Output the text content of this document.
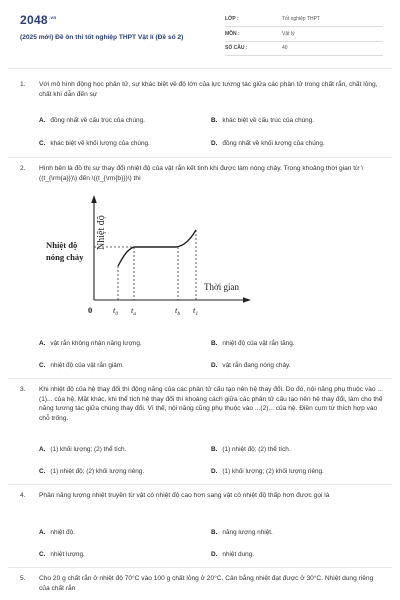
$2048^{.vn}$
(2025 mới) Đề ôn thi tốt nghiệp THPT Vật lí (Đề số 2)
LỚP :	Tốt nghiệp THPT
MÔN :	Vật lý
SỐ CÂU :	40
1. Với mô hình động học phân tử, sự khác biệt về độ lớn của lực tương tác giữa các phân tử trong chất rắn, chất lỏng, chất khí dẫn đến sự
A. đồng nhất về cấu trúc của chúng.	B. khác biệt về cấu trúc của chúng.
C. khác biệt về khối lượng của chúng.	D. đồng nhất về khối lượng của chúng.
2. Hình bên là đồ thị sự thay đổi nhiệt độ của vật rắn kết tinh khi được làm nóng chảy. Trong khoảng thời gian từ \((t_{\rm{a}})\) đến \((t_{\rm{b}})\) thì
Nhiệt độ
Nhiệt độ
nóng chảy
Thời gian
0 $t_0$ $t_a$	$t_b$ $t_1$
A. vật rắn không nhận năng lượng.	B. nhiệt độ của vật rắn tăng.
C. nhiệt độ của vật rắn giảm.	D. vật rắn đang nóng chảy.
3. Khi nhiệt độ của hệ thay đổi thì động năng của các phân tử cấu tạo nên hệ thay đổi. Do đó, nội năng phụ thuộc vào ...(1)... của hệ. Mặt khác, khi thể tích hệ thay đổi thì khoảng cách giữa các phân tử cấu tạo nên hệ thay đổi, làm cho thế năng tương tác giữa chúng thay đổi. Vì thế, nội năng cũng phụ thuộc vào ...(2)... của hệ. Điền cụm từ thích hợp vào chỗ trống.
A. (1) khối lượng; (2) thể tích.	B. (1) nhiệt độ; (2) thể tích.
C. (1) nhiệt độ; (2) khối lượng riêng.	D. (1) khối lượng; (2) khối lượng riêng.
4. Phần năng lượng nhiệt truyền từ vật có nhiệt độ cao hơn sang vật có nhiệt độ thấp hơn được gọi là
A. nhiệt độ.	B. năng lượng nhiệt.
C. nhiệt lượng.	D. nhiệt dung.
5. Cho 20 g chất rắn ở nhiệt độ 70°C vào 100 g chất lỏng ở 20°C. Cân bằng nhiệt đạt được ở 30°C. Nhiệt dung riêng của chất rắn
